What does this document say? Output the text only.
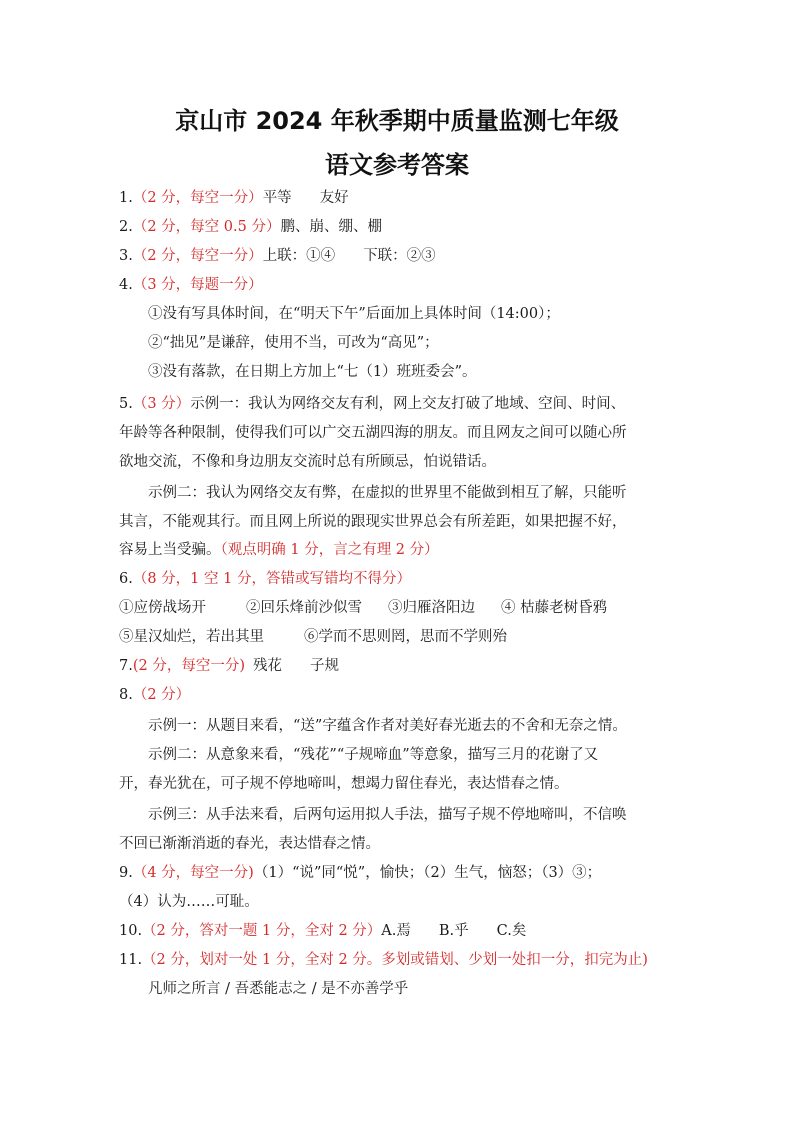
京山市 2024 年秋季期中质量监测七年级
语文参考答案
1.（2 分，每空一分）平等 友好
2.（2 分，每空 0.5 分）鹏、崩、绷、棚
3.（2 分，每空一分）上联：①④ 下联：②③
4.（3 分，每题一分）
①没有写具体时间，在“明天下午”后面加上具体时间（14:00）；
②“拙见”是谦辞，使用不当，可改为“高见”；
③没有落款，在日期上方加上“七（1）班班委会”。
5.（3 分）示例一：我认为网络交友有利，网上交友打破了地域、空间、时间、
年龄等各种限制，使得我们可以广交五湖四海的朋友。而且网友之间可以随心所
欲地交流，不像和身边朋友交流时总有所顾忌，怕说错话。
示例二：我认为网络交友有弊，在虚拟的世界里不能做到相互了解，只能听
其言，不能观其行。而且网上所说的跟现实世界总会有所差距，如果把握不好，
容易上当受骗。（观点明确 1 分，言之有理 2 分）
6.（8 分，1 空 1 分，答错或写错均不得分）
①应傍战场开	②回乐烽前沙似雪 ③归雁洛阳边 ④ 枯藤老树昏鸦
⑤星汉灿烂，若出其里	⑥学而不思则罔，思而不学则殆
7.(2 分，每空一分) 残花 子规
8.（2 分）
示例一：从题目来看，“送”字蕴含作者对美好春光逝去的不舍和无奈之情。
示例二：从意象来看，“残花”“子规啼血”等意象，描写三月的花谢了又
开，春光犹在，可子规不停地啼叫，想竭力留住春光，表达惜春之情。
示例三：从手法来看，后两句运用拟人手法，描写子规不停地啼叫，不信唤
不回已渐渐消逝的春光，表达惜春之情。
9.（4 分，每空一分)（1）“说”同“悦”，愉快；（2）生气，恼怒；（3）③；
（4）认为……可耻。
10.（2 分，答对一题 1 分，全对 2 分）A.焉 B.乎 C.矣
11.（2 分，划对一处 1 分，全对 2 分。多划或错划、少划一处扣一分，扣完为止)
凡师之所言 / 吾悉能志之 / 是不亦善学乎
